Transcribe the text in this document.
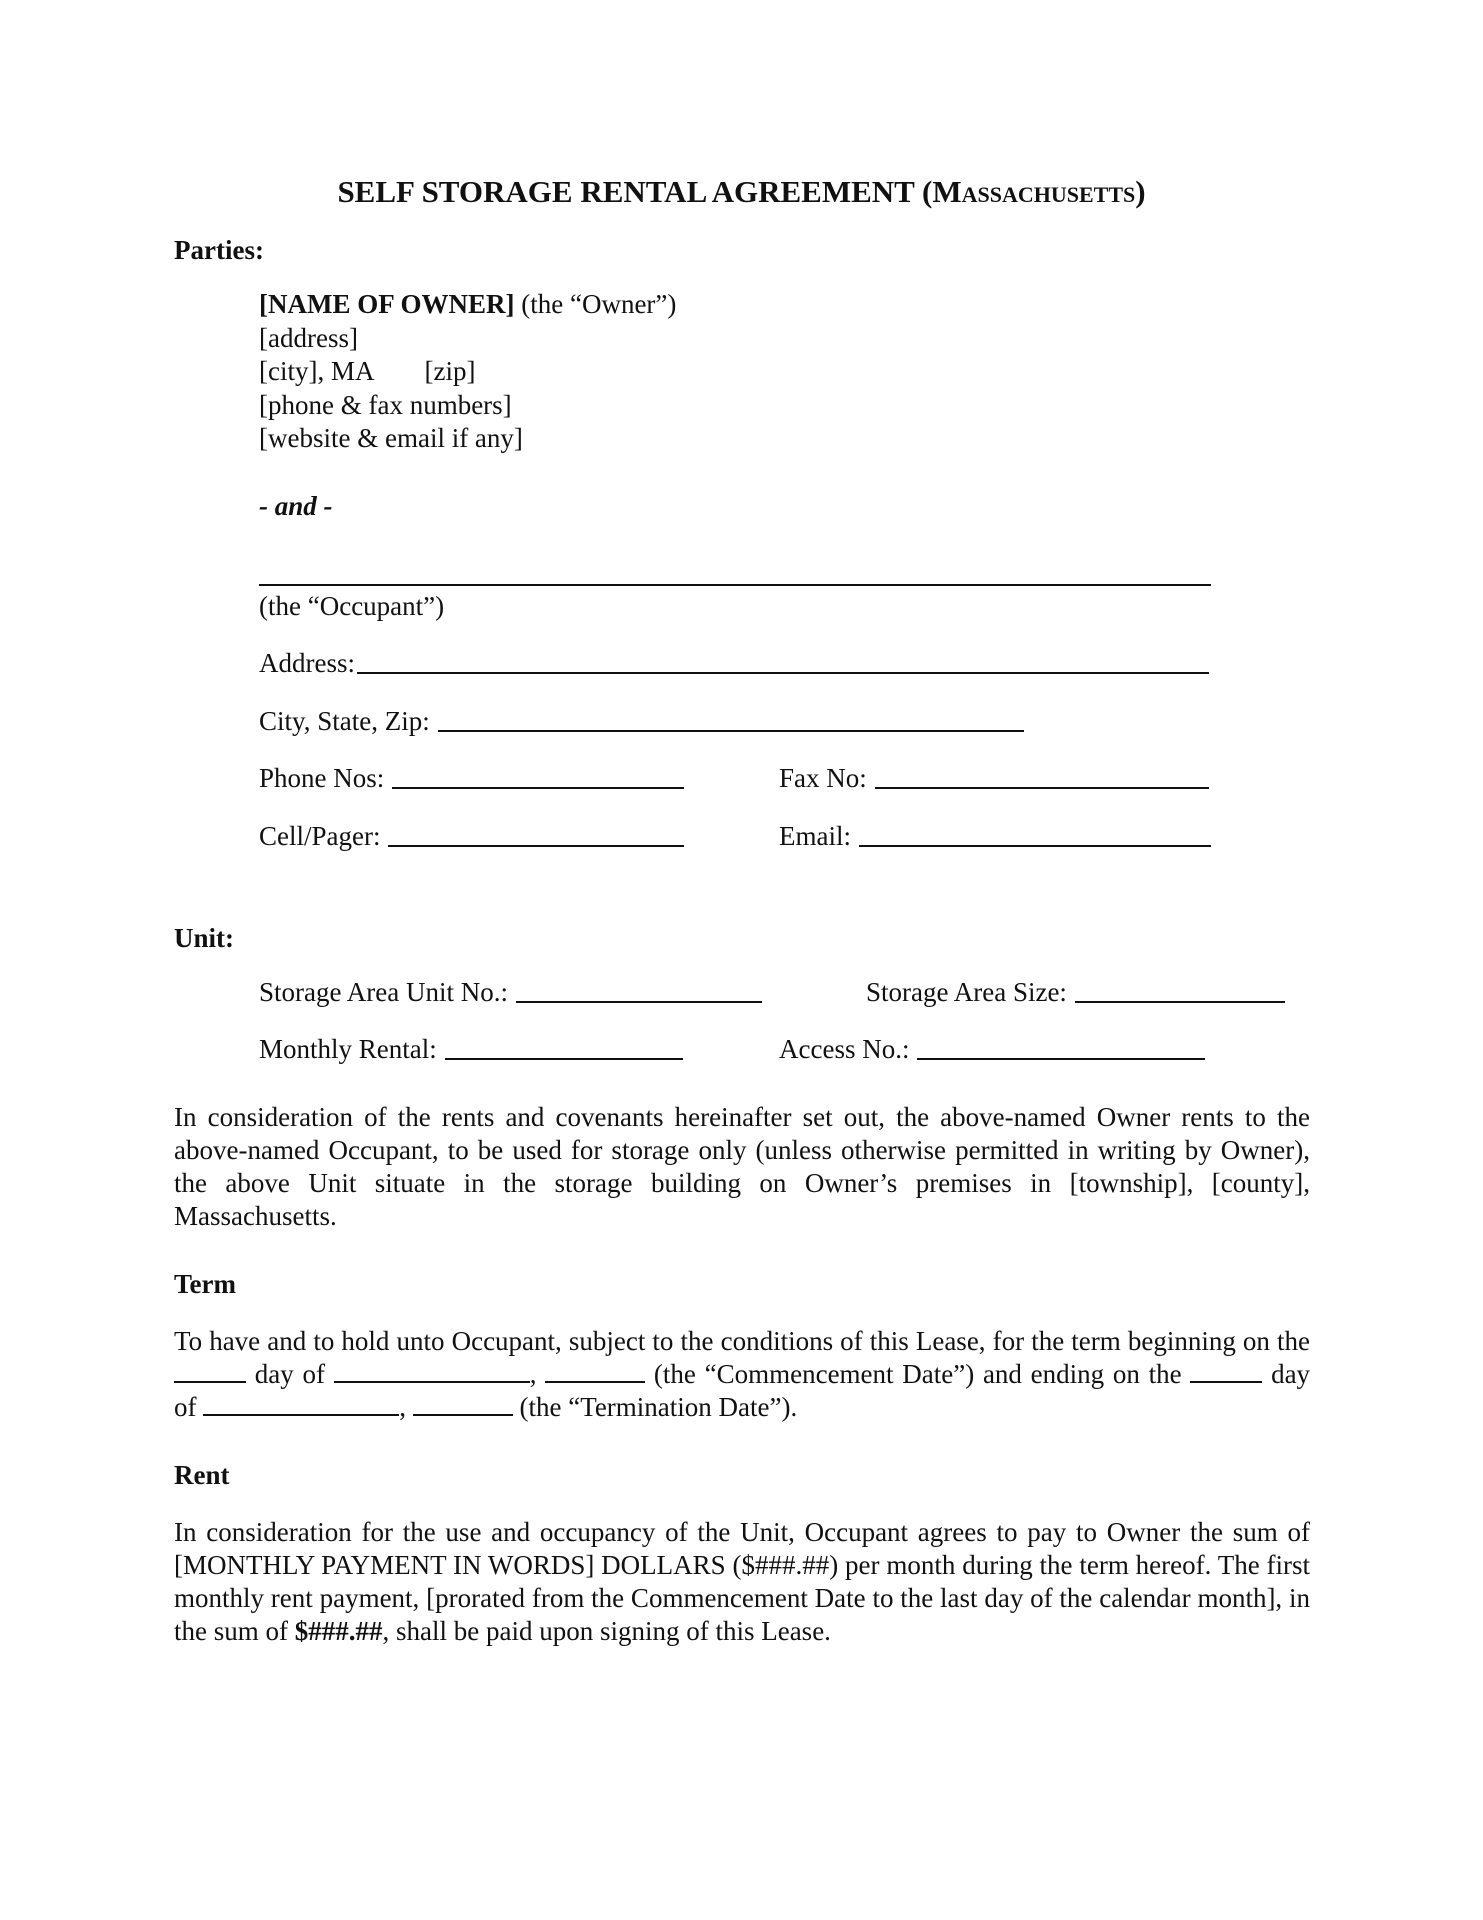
SELF STORAGE RENTAL AGREEMENT (Massachusetts)
Parties:
[NAME OF OWNER] (the “Owner”)
[address]
[city], MA [zip]
[phone & fax numbers]
[website & email if any]
- and -
(the “Occupant”)
Address:
City, State, Zip:
Phone Nos:	Fax No:
Cell/Pager:	Email:
Unit:
Storage Area Unit No.:	Storage Area Size:
Monthly Rental:	Access No.:
In consideration of the rents and covenants hereinafter set out, the above-named Owner rents to the above-named Occupant, to be used for storage only (unless otherwise permitted in writing by Owner), the above Unit situate in the storage building on Owner’s premises in [township], [county], Massachusetts.
Term
To have and to hold unto Occupant, subject to the conditions of this Lease, for the term beginning on the  day of	,	(the “Commencement Date”) and ending on the	day of	,	(the “Termination Date”).
Rent
In consideration for the use and occupancy of the Unit, Occupant agrees to pay to Owner the sum of [MONTHLY PAYMENT IN WORDS] DOLLARS ($###.##) per month during the term hereof. The first monthly rent payment, [prorated from the Commencement Date to the last day of the calendar month], in the sum of $###.##, shall be paid upon signing of this Lease.
